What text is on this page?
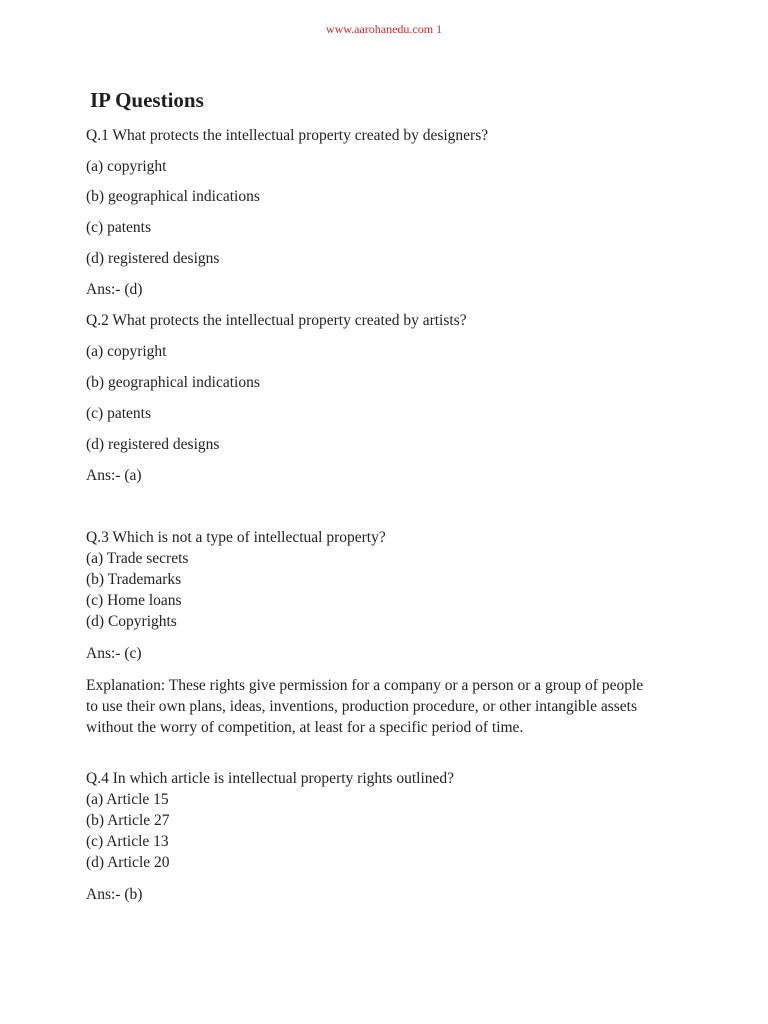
www.aarohanedu.com 1
IP Questions
Q.1 What protects the intellectual property created by designers?
(a) copyright
(b) geographical indications
(c) patents
(d) registered designs
Ans:- (d)
Q.2 What protects the intellectual property created by artists?
(a) copyright
(b) geographical indications
(c) patents
(d) registered designs
Ans:- (a)
Q.3 Which is not a type of intellectual property?
(a) Trade secrets
(b) Trademarks
(c) Home loans
(d) Copyrights
Ans:- (c)
Explanation: These rights give permission for a company or a person or a group of people to use their own plans, ideas, inventions, production procedure, or other intangible assets without the worry of competition, at least for a specific period of time.
Q.4 In which article is intellectual property rights outlined?
(a) Article 15
(b) Article 27
(c) Article 13
(d) Article 20
Ans:- (b)
